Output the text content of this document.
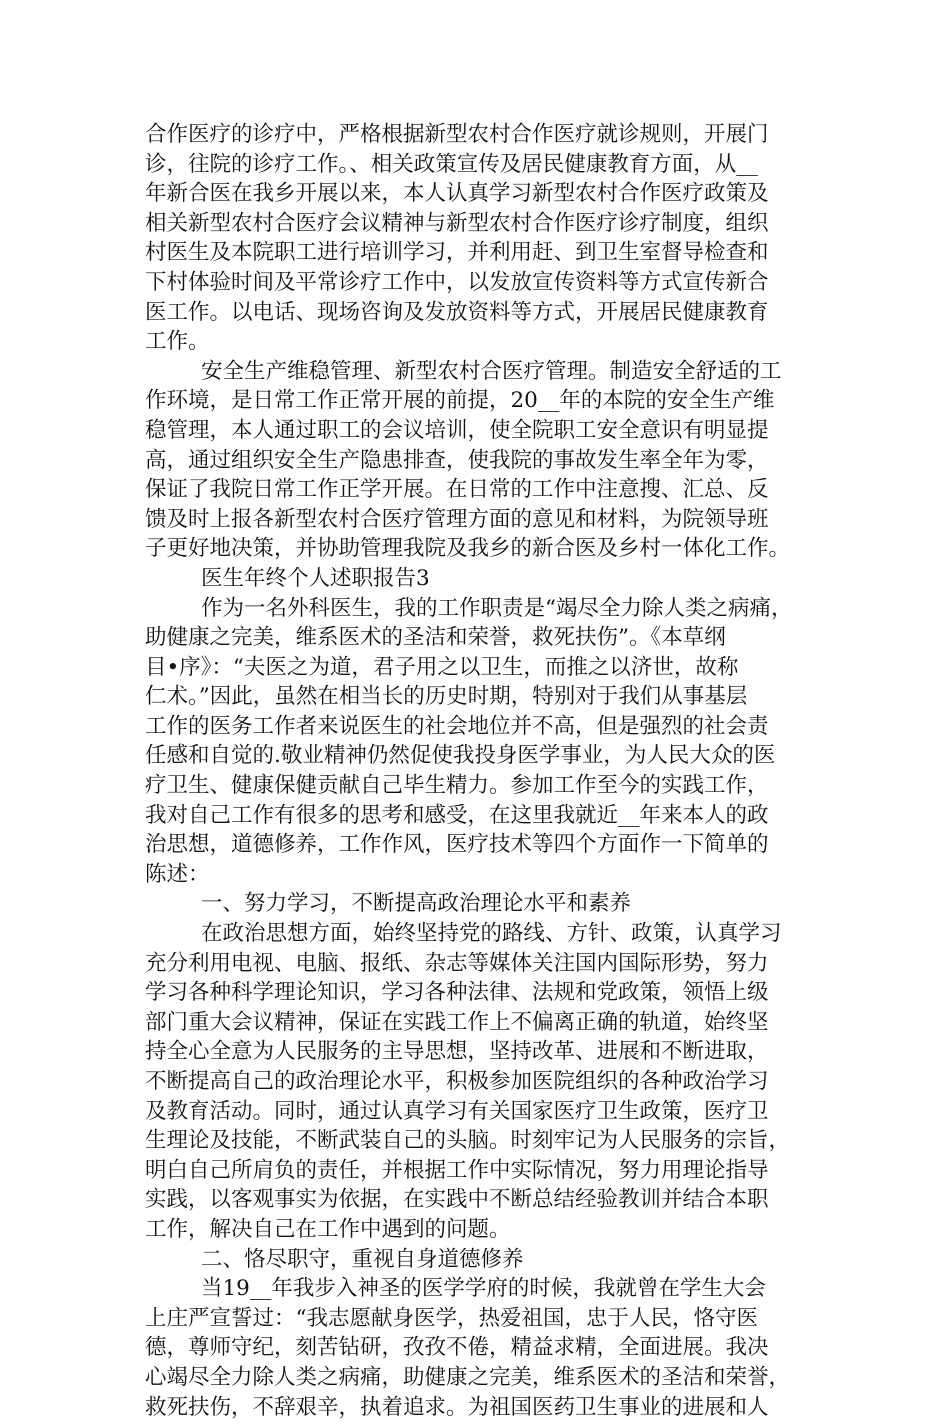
合作医疗的诊疗中，严格根据新型农村合作医疗就诊规则，开展门
诊，往院的诊疗工作。、相关政策宣传及居民健康教育方面，从__
年新合医在我乡开展以来，本人认真学习新型农村合作医疗政策及
相关新型农村合医疗会议精神与新型农村合作医疗诊疗制度，组织
村医生及本院职工进行培训学习，并利用赶、到卫生室督导检查和
下村体验时间及平常诊疗工作中，以发放宣传资料等方式宣传新合
医工作。以电话、现场咨询及发放资料等方式，开展居民健康教育
工作。
安全生产维稳管理、新型农村合医疗管理。制造安全舒适的工
作环境，是日常工作正常开展的前提，20__年的本院的安全生产维
稳管理，本人通过职工的会议培训，使全院职工安全意识有明显提
高，通过组织安全生产隐患排查，使我院的事故发生率全年为零，
保证了我院日常工作正学开展。在日常的工作中注意搜、汇总、反
馈及时上报各新型农村合医疗管理方面的意见和材料，为院领导班
子更好地决策，并协助管理我院及我乡的新合医及乡村一体化工作。
医生年终个人述职报告3
作为一名外科医生，我的工作职责是“竭尽全力除人类之病痛，
助健康之完美，维系医术的圣洁和荣誉，救死扶伤”。《本草纲
目•序》：“夫医之为道，君子用之以卫生，而推之以济世，故称
仁术。”因此，虽然在相当长的历史时期，特别对于我们从事基层
工作的医务工作者来说医生的社会地位并不高，但是强烈的社会责
任感和自觉的.敬业精神仍然促使我投身医学事业，为人民大众的医
疗卫生、健康保健贡献自己毕生精力。参加工作至今的实践工作，
我对自己工作有很多的思考和感受，在这里我就近__年来本人的政
治思想，道德修养，工作作风，医疗技术等四个方面作一下简单的
陈述：
一、努力学习，不断提高政治理论水平和素养
在政治思想方面，始终坚持党的路线、方针、政策，认真学习
充分利用电视、电脑、报纸、杂志等媒体关注国内国际形势，努力
学习各种科学理论知识，学习各种法律、法规和党政策，领悟上级
部门重大会议精神，保证在实践工作上不偏离正确的轨道，始终坚
持全心全意为人民服务的主导思想，坚持改革、进展和不断进取，
不断提高自己的政治理论水平，积极参加医院组织的各种政治学习
及教育活动。同时，通过认真学习有关国家医疗卫生政策，医疗卫
生理论及技能，不断武装自己的头脑。时刻牢记为人民服务的宗旨，
明白自己所肩负的责任，并根据工作中实际情况，努力用理论指导
实践，以客观事实为依据，在实践中不断总结经验教训并结合本职
工作，解决自己在工作中遇到的问题。
二、恪尽职守，重视自身道德修养
当19__年我步入神圣的医学学府的时候，我就曾在学生大会
上庄严宣誓过：“我志愿献身医学，热爱祖国，忠于人民，恪守医
德，尊师守纪，刻苦钻研，孜孜不倦，精益求精，全面进展。我决
心竭尽全力除人类之病痛，助健康之完美，维系医术的圣洁和荣誉，
救死扶伤，不辞艰辛，执着追求。为祖国医药卫生事业的进展和人
